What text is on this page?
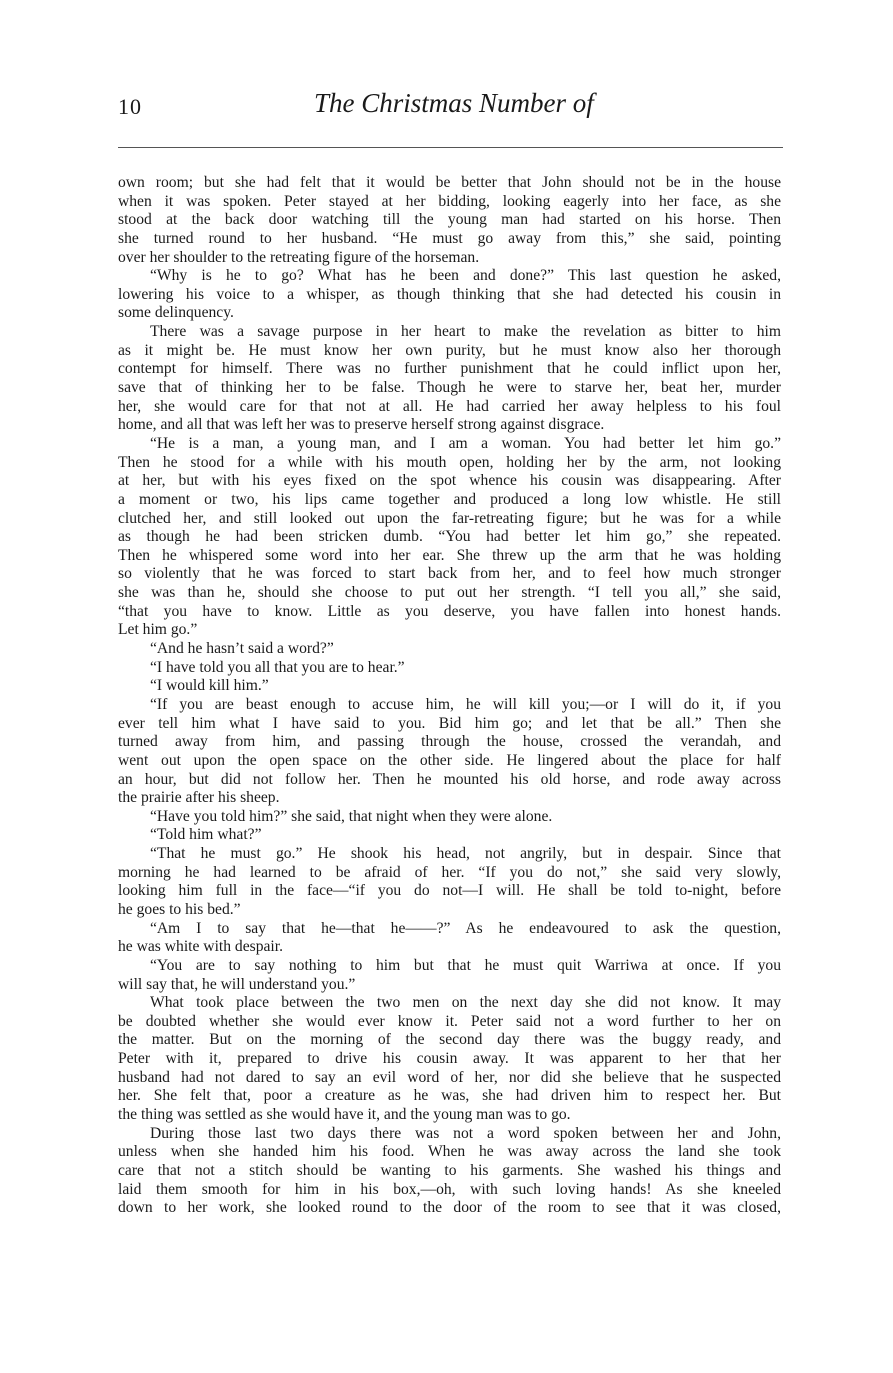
10	The Christmas Number of
own room; but she had felt that it would be better that John should not be in the house
when it was spoken. Peter stayed at her bidding, looking eagerly into her face, as she
stood at the back door watching till the young man had started on his horse. Then
she turned round to her husband. “He must go away from this,” she said, pointing
over her shoulder to the retreating figure of the horseman.
“Why is he to go? What has he been and done?” This last question he asked,
lowering his voice to a whisper, as though thinking that she had detected his cousin in
some delinquency.
There was a savage purpose in her heart to make the revelation as bitter to him
as it might be. He must know her own purity, but he must know also her thorough
contempt for himself. There was no further punishment that he could inflict upon her,
save that of thinking her to be false. Though he were to starve her, beat her, murder
her, she would care for that not at all. He had carried her away helpless to his foul
home, and all that was left her was to preserve herself strong against disgrace.
“He is a man, a young man, and I am a woman. You had better let him go.”
Then he stood for a while with his mouth open, holding her by the arm, not looking
at her, but with his eyes fixed on the spot whence his cousin was disappearing. After
a moment or two, his lips came together and produced a long low whistle. He still
clutched her, and still looked out upon the far-retreating figure; but he was for a while
as though he had been stricken dumb. “You had better let him go,” she repeated.
Then he whispered some word into her ear. She threw up the arm that he was holding
so violently that he was forced to start back from her, and to feel how much stronger
she was than he, should she choose to put out her strength. “I tell you all,” she said,
“that you have to know. Little as you deserve, you have fallen into honest hands.
Let him go.”
“And he hasn’t said a word?”
“I have told you all that you are to hear.”
“I would kill him.”
“If you are beast enough to accuse him, he will kill you;—or I will do it, if you
ever tell him what I have said to you. Bid him go; and let that be all.” Then she
turned away from him, and passing through the house, crossed the verandah, and
went out upon the open space on the other side. He lingered about the place for half
an hour, but did not follow her. Then he mounted his old horse, and rode away across
the prairie after his sheep.
“Have you told him?” she said, that night when they were alone.
“Told him what?”
“That he must go.” He shook his head, not angrily, but in despair. Since that
morning he had learned to be afraid of her. “If you do not,” she said very slowly,
looking him full in the face—“if you do not—I will. He shall be told to-night, before
he goes to his bed.”
“Am I to say that he—that he——?” As he endeavoured to ask the question,
he was white with despair.
“You are to say nothing to him but that he must quit Warriwa at once. If you
will say that, he will understand you.”
What took place between the two men on the next day she did not know. It may
be doubted whether she would ever know it. Peter said not a word further to her on
the matter. But on the morning of the second day there was the buggy ready, and
Peter with it, prepared to drive his cousin away. It was apparent to her that her
husband had not dared to say an evil word of her, nor did she believe that he suspected
her. She felt that, poor a creature as he was, she had driven him to respect her. But
the thing was settled as she would have it, and the young man was to go.
During those last two days there was not a word spoken between her and John,
unless when she handed him his food. When he was away across the land she took
care that not a stitch should be wanting to his garments. She washed his things and
laid them smooth for him in his box,—oh, with such loving hands! As she kneeled
down to her work, she looked round to the door of the room to see that it was closed,
